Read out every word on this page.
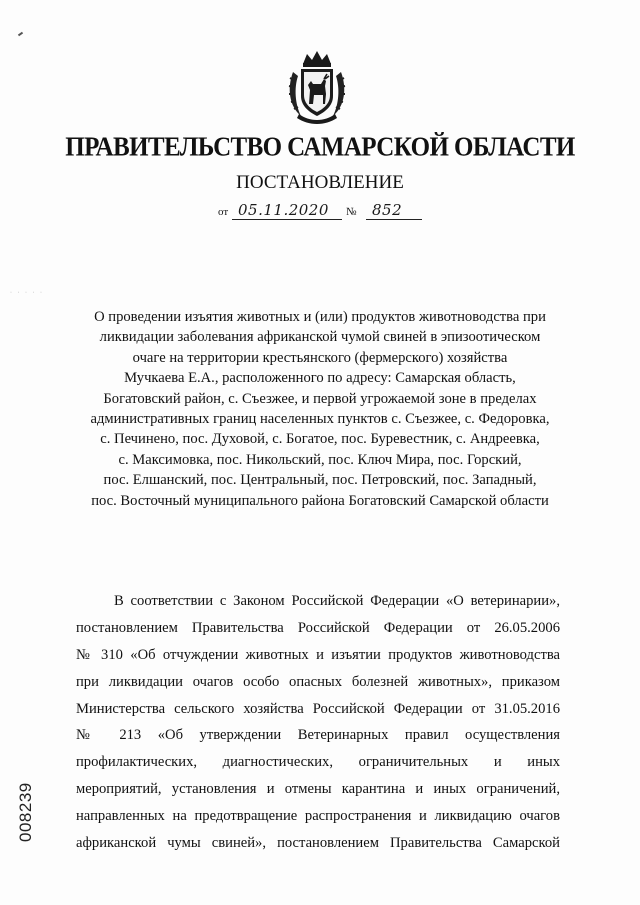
· · · · ·
ПРАВИТЕЛЬСТВО САМАРСКОЙ ОБЛАСТИ
ПОСТАНОВЛЕНИЕ
от 05.11.2020 № 852
О проведении изъятия животных и (или) продуктов животноводства при
ликвидации заболевания африканской чумой свиней в эпизоотическом
очаге на территории крестьянского (фермерского) хозяйства
Мучкаева Е.А., расположенного по адресу: Самарская область,
Богатовский район, с. Съезжее, и первой угрожаемой зоне в пределах
административных границ населенных пунктов с. Съезжее, с. Федоровка,
с. Печинено, пос. Духовой, с. Богатое, пос. Буревестник, с. Андреевка,
с. Максимовка, пос. Никольский, пос. Ключ Мира, пос. Горский,
пос. Елшанский, пос. Центральный, пос. Петровский, пос. Западный,
пос. Восточный муниципального района Богатовский Самарской области
В соответствии с Законом Российской Федерации «О ветеринарии»,
постановлением Правительства Российской Федерации от 26.05.2006
№ 310 «Об отчуждении животных и изъятии продуктов животноводства
при ликвидации очагов особо опасных болезней животных», приказом
Министерства сельского хозяйства Российской Федерации от 31.05.2016
№ 213 «Об утверждении Ветеринарных правил осуществления
профилактических, диагностических, ограничительных и иных
мероприятий, установления и отмены карантина и иных ограничений,
направленных на предотвращение распространения и ликвидацию очагов
африканской чумы свиней», постановлением Правительства Самарской
008239
